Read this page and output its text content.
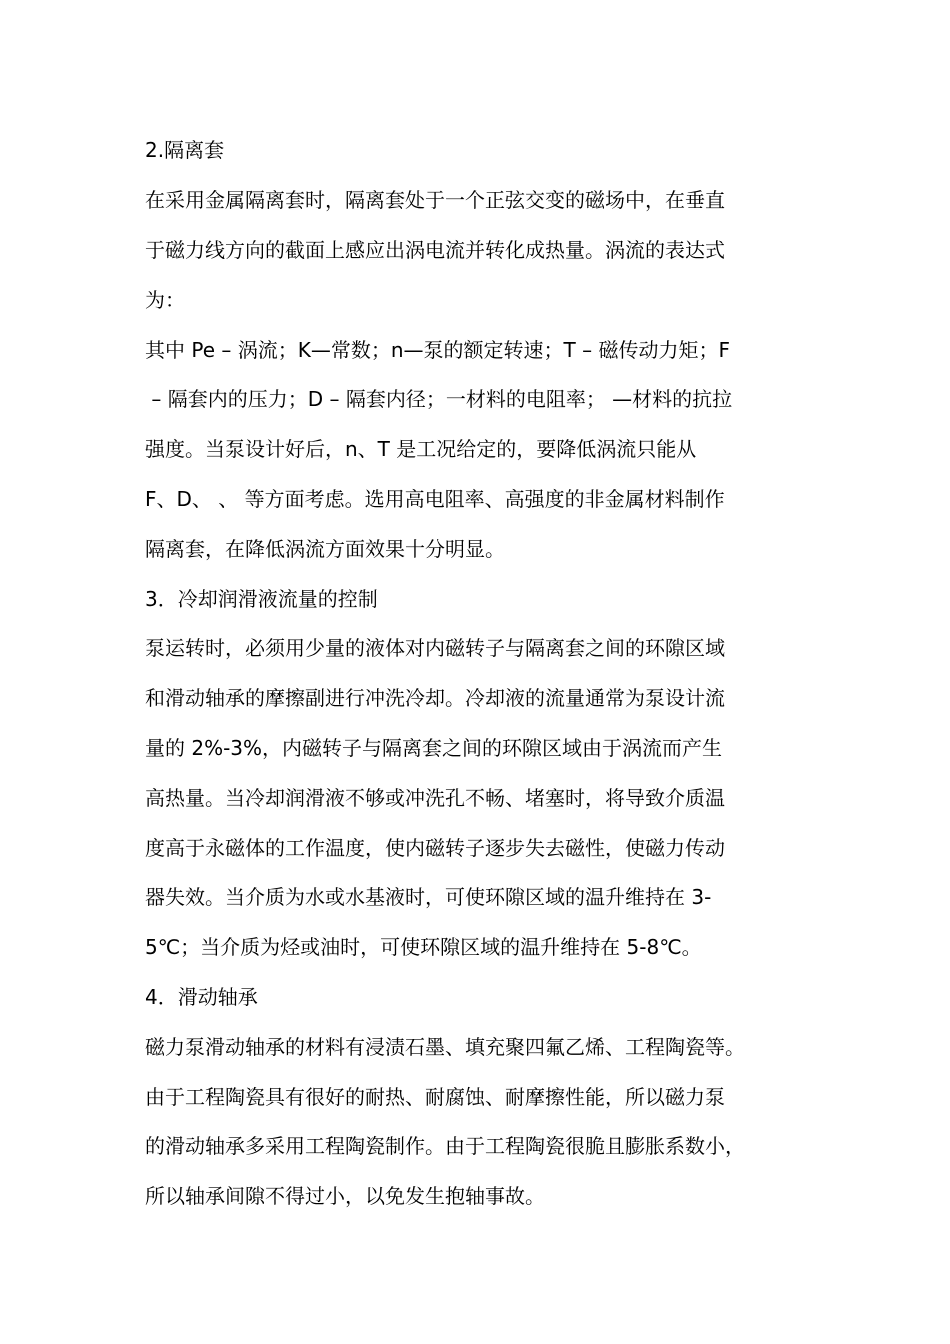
2.隔离套

在采用金属隔离套时，隔离套处于一个正弦交变的磁场中，在垂直

于磁力线方向的截面上感应出涡电流并转化成热量。涡流的表达式

为：

其中 Pe – 涡流；K—常数；n—泵的额定转速；T – 磁传动力矩；F

– 隔套内的压力；D – 隔套内径；一材料的电阻率； —材料的抗拉

强度。当泵设计好后，n、T 是工况给定的，要降低涡流只能从

F、D、 、 等方面考虑。选用高电阻率、高强度的非金属材料制作

隔离套，在降低涡流方面效果十分明显。

3．冷却润滑液流量的控制

泵运转时，必须用少量的液体对内磁转子与隔离套之间的环隙区域

和滑动轴承的摩擦副进行冲洗冷却。冷却液的流量通常为泵设计流

量的 2%-3%，内磁转子与隔离套之间的环隙区域由于涡流而产生

高热量。当冷却润滑液不够或冲洗孔不畅、堵塞时，将导致介质温

度高于永磁体的工作温度，使内磁转子逐步失去磁性，使磁力传动

器失效。当介质为水或水基液时，可使环隙区域的温升维持在 3-

5℃；当介质为烃或油时，可使环隙区域的温升维持在 5-8℃。

4．滑动轴承

磁力泵滑动轴承的材料有浸渍石墨、填充聚四氟乙烯、工程陶瓷等。

由于工程陶瓷具有很好的耐热、耐腐蚀、耐摩擦性能，所以磁力泵

的滑动轴承多采用工程陶瓷制作。由于工程陶瓷很脆且膨胀系数小，

所以轴承间隙不得过小，以免发生抱轴事故。
